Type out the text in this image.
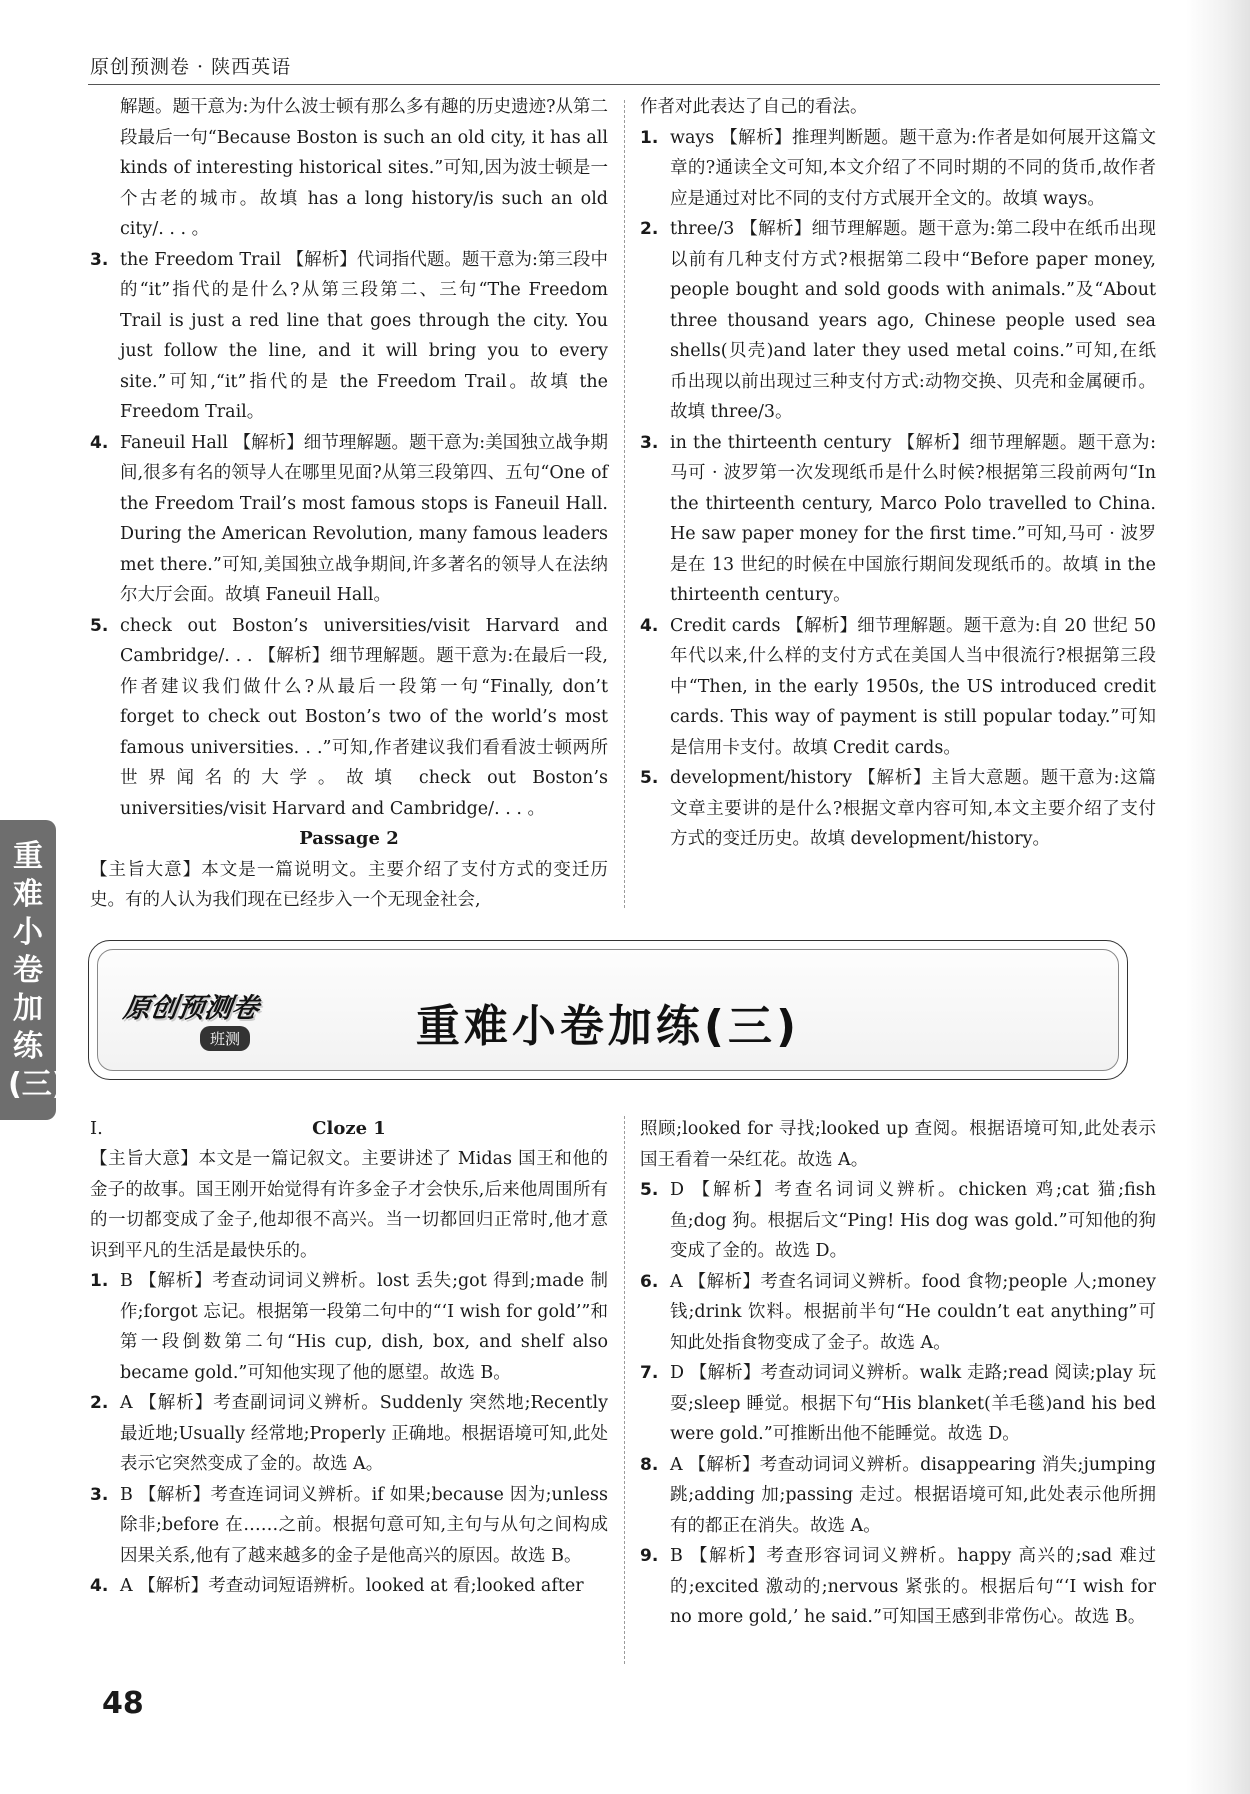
原创预测卷 · 陕西英语

解题。题干意为:为什么波士顿有那么多有趣的历史遗迹?从第二段最后一句“Because Boston is such an old city, it has all kinds of interesting historical sites.”可知,因为波士顿是一个古老的城市。故填 has a long history/is such an old city/. . . 。

3. the Freedom Trail 【解析】代词指代题。题干意为:第三段中的“it”指代的是什么?从第三段第二、三句“The Freedom Trail is just a red line that goes through the city. You just follow the line, and it will bring you to every site.”可知,“it”指代的是 the Freedom Trail。故填 the Freedom Trail。

4. Faneuil Hall 【解析】细节理解题。题干意为:美国独立战争期间,很多有名的领导人在哪里见面?从第三段第四、五句“One of the Freedom Trail’s most famous stops is Faneuil Hall. During the American Revolution, many famous leaders met there.”可知,美国独立战争期间,许多著名的领导人在法纳尔大厅会面。故填 Faneuil Hall。

5. check out Boston’s universities/visit Harvard and Cambridge/. . . 【解析】细节理解题。题干意为:在最后一段,作者建议我们做什么?从最后一段第一句“Finally, don’t forget to check out Boston’s two of the world’s most famous universities. . .”可知,作者建议我们看看波士顿两所世界闻名的大学。故填 check out Boston’s universities/visit Harvard and Cambridge/. . . 。

Passage 2

【主旨大意】本文是一篇说明文。主要介绍了支付方式的变迁历史。有的人认为我们现在已经步入一个无现金社会,

作者对此表达了自己的看法。

1. ways 【解析】推理判断题。题干意为:作者是如何展开这篇文章的?通读全文可知,本文介绍了不同时期的不同的货币,故作者应是通过对比不同的支付方式展开全文的。故填 ways。

2. three/3 【解析】细节理解题。题干意为:第二段中在纸币出现以前有几种支付方式?根据第二段中“Before paper money, people bought and sold goods with animals.”及“About three thousand years ago, Chinese people used sea shells(贝壳)and later they used metal coins.”可知,在纸币出现以前出现过三种支付方式:动物交换、贝壳和金属硬币。故填 three/3。

3. in the thirteenth century 【解析】细节理解题。题干意为:马可 · 波罗第一次发现纸币是什么时候?根据第三段前两句“In the thirteenth century, Marco Polo travelled to China. He saw paper money for the first time.”可知,马可 · 波罗是在 13 世纪的时候在中国旅行期间发现纸币的。故填 in the thirteenth century。

4. Credit cards 【解析】细节理解题。题干意为:自 20 世纪 50 年代以来,什么样的支付方式在美国人当中很流行?根据第三段中“Then, in the early 1950s, the US introduced credit cards. This way of payment is still popular today.”可知是信用卡支付。故填 Credit cards。

5. development/history 【解析】主旨大意题。题干意为:这篇文章主要讲的是什么?根据文章内容可知,本文主要介绍了支付方式的变迁历史。故填 development/history。

重难小卷加练(三)
原创预测卷
班测	重难小卷加练(三)

Ⅰ.	Cloze 1

【主旨大意】本文是一篇记叙文。主要讲述了 Midas 国王和他的金子的故事。国王刚开始觉得有许多金子才会快乐,后来他周围所有的一切都变成了金子,他却很不高兴。当一切都回归正常时,他才意识到平凡的生活是最快乐的。

1. B 【解析】考查动词词义辨析。lost 丢失;got 得到;made 制作;forgot 忘记。根据第一段第二句中的“‘I wish for gold’”和第一段倒数第二句“His cup, dish, box, and shelf also became gold.”可知他实现了他的愿望。故选 B。

2. A 【解析】考查副词词义辨析。Suddenly 突然地;Recently 最近地;Usually 经常地;Properly 正确地。根据语境可知,此处表示它突然变成了金的。故选 A。

3. B 【解析】考查连词词义辨析。if 如果;because 因为;unless 除非;before 在……之前。根据句意可知,主句与从句之间构成因果关系,他有了越来越多的金子是他高兴的原因。故选 B。

4. A 【解析】考查动词短语辨析。looked at 看;looked after

照顾;looked for 寻找;looked up 查阅。根据语境可知,此处表示国王看着一朵红花。故选 A。

5. D 【解析】考查名词词义辨析。chicken 鸡;cat 猫;fish 鱼;dog 狗。根据后文“Ping! His dog was gold.”可知他的狗变成了金的。故选 D。

6. A 【解析】考查名词词义辨析。food 食物;people 人;money 钱;drink 饮料。根据前半句“He couldn’t eat anything”可知此处指食物变成了金子。故选 A。

7. D 【解析】考查动词词义辨析。walk 走路;read 阅读;play 玩耍;sleep 睡觉。根据下句“His blanket(羊毛毯)and his bed were gold.”可推断出他不能睡觉。故选 D。

8. A 【解析】考查动词词义辨析。disappearing 消失;jumping 跳;adding 加;passing 走过。根据语境可知,此处表示他所拥有的都正在消失。故选 A。

9. B 【解析】考查形容词词义辨析。happy 高兴的;sad 难过的;excited 激动的;nervous 紧张的。根据后句“‘I wish for no more gold,’ he said.”可知国王感到非常伤心。故选 B。

48
